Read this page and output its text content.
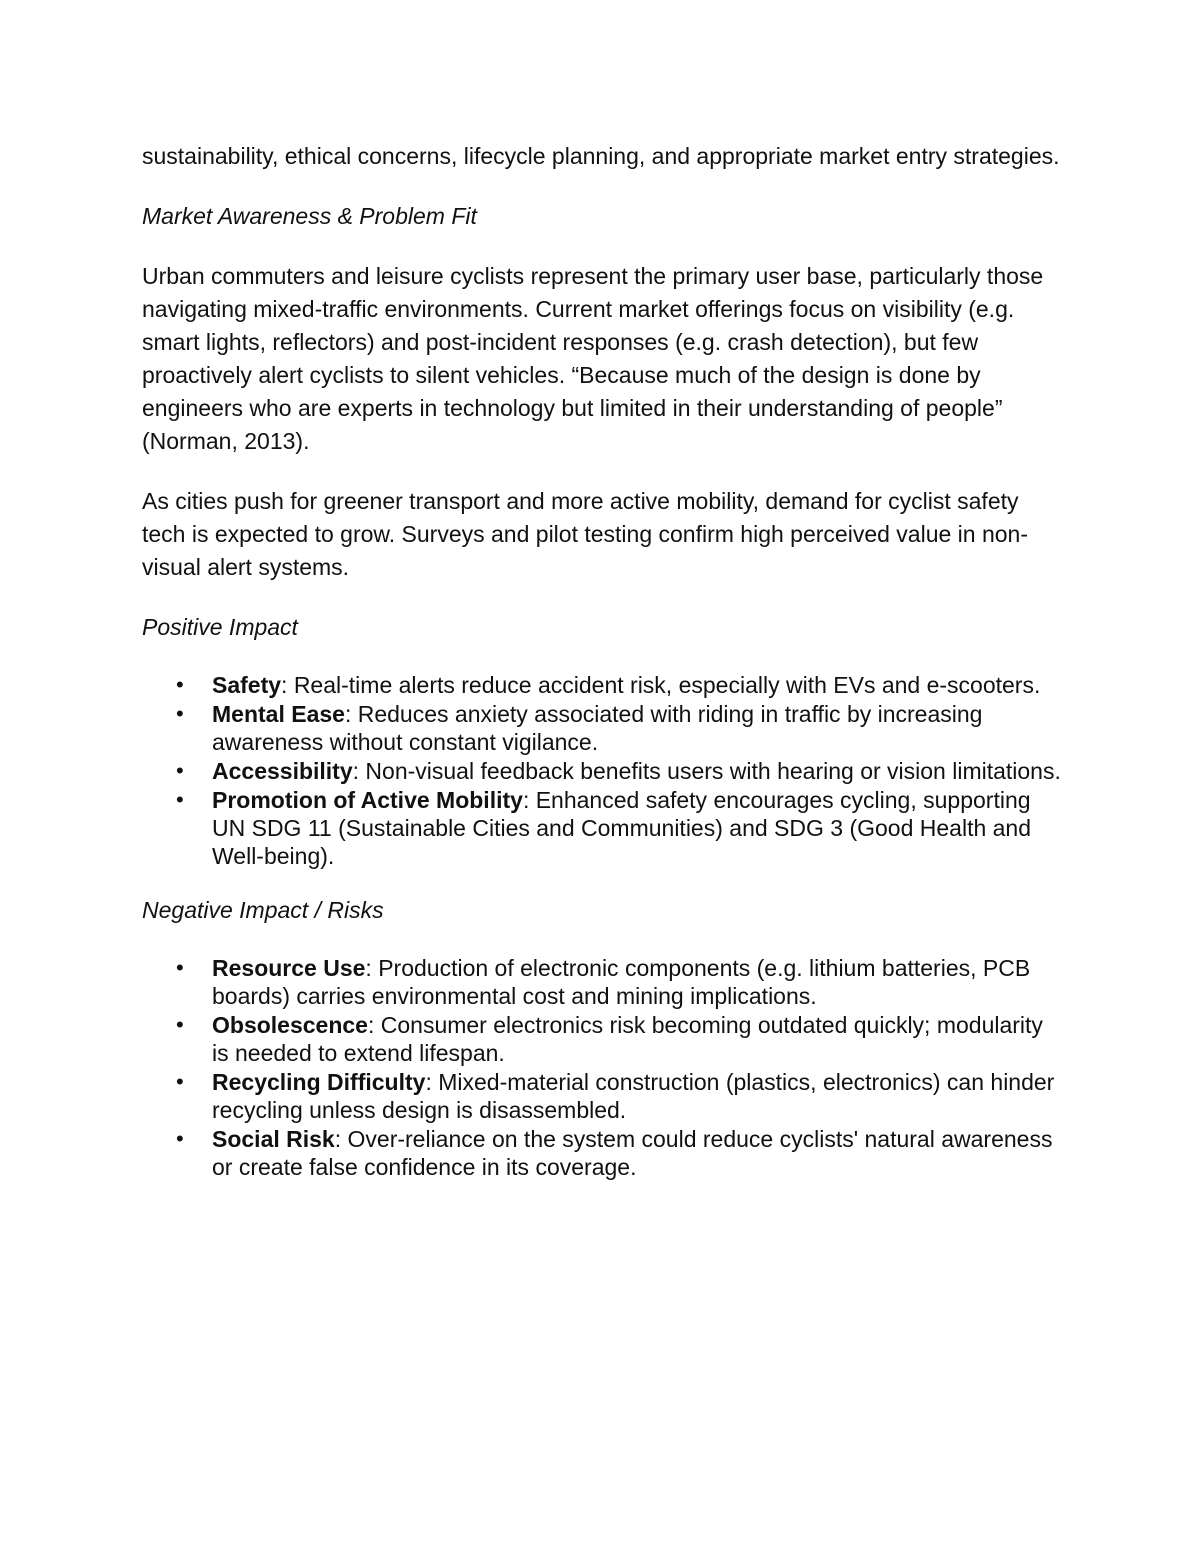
sustainability, ethical concerns, lifecycle planning, and appropriate market entry strategies.

Market Awareness & Problem Fit

Urban commuters and leisure cyclists represent the primary user base, particularly those navigating mixed-traffic environments. Current market offerings focus on visibility (e.g. smart lights, reflectors) and post-incident responses (e.g. crash detection), but few proactively alert cyclists to silent vehicles. “Because much of the design is done by engineers who are experts in technology but limited in their understanding of people” (Norman, 2013).

As cities push for greener transport and more active mobility, demand for cyclist safety tech is expected to grow. Surveys and pilot testing confirm high perceived value in non-visual alert systems.

Positive Impact

• Safety: Real-time alerts reduce accident risk, especially with EVs and e-scooters.
• Mental Ease: Reduces anxiety associated with riding in traffic by increasing awareness without constant vigilance.
• Accessibility: Non-visual feedback benefits users with hearing or vision limitations.
• Promotion of Active Mobility: Enhanced safety encourages cycling, supporting UN SDG 11 (Sustainable Cities and Communities) and SDG 3 (Good Health and Well-being).

Negative Impact / Risks

• Resource Use: Production of electronic components (e.g. lithium batteries, PCB boards) carries environmental cost and mining implications.
• Obsolescence: Consumer electronics risk becoming outdated quickly; modularity is needed to extend lifespan.
• Recycling Difficulty: Mixed-material construction (plastics, electronics) can hinder recycling unless design is disassembled.
• Social Risk: Over-reliance on the system could reduce cyclists' natural awareness or create false confidence in its coverage.
